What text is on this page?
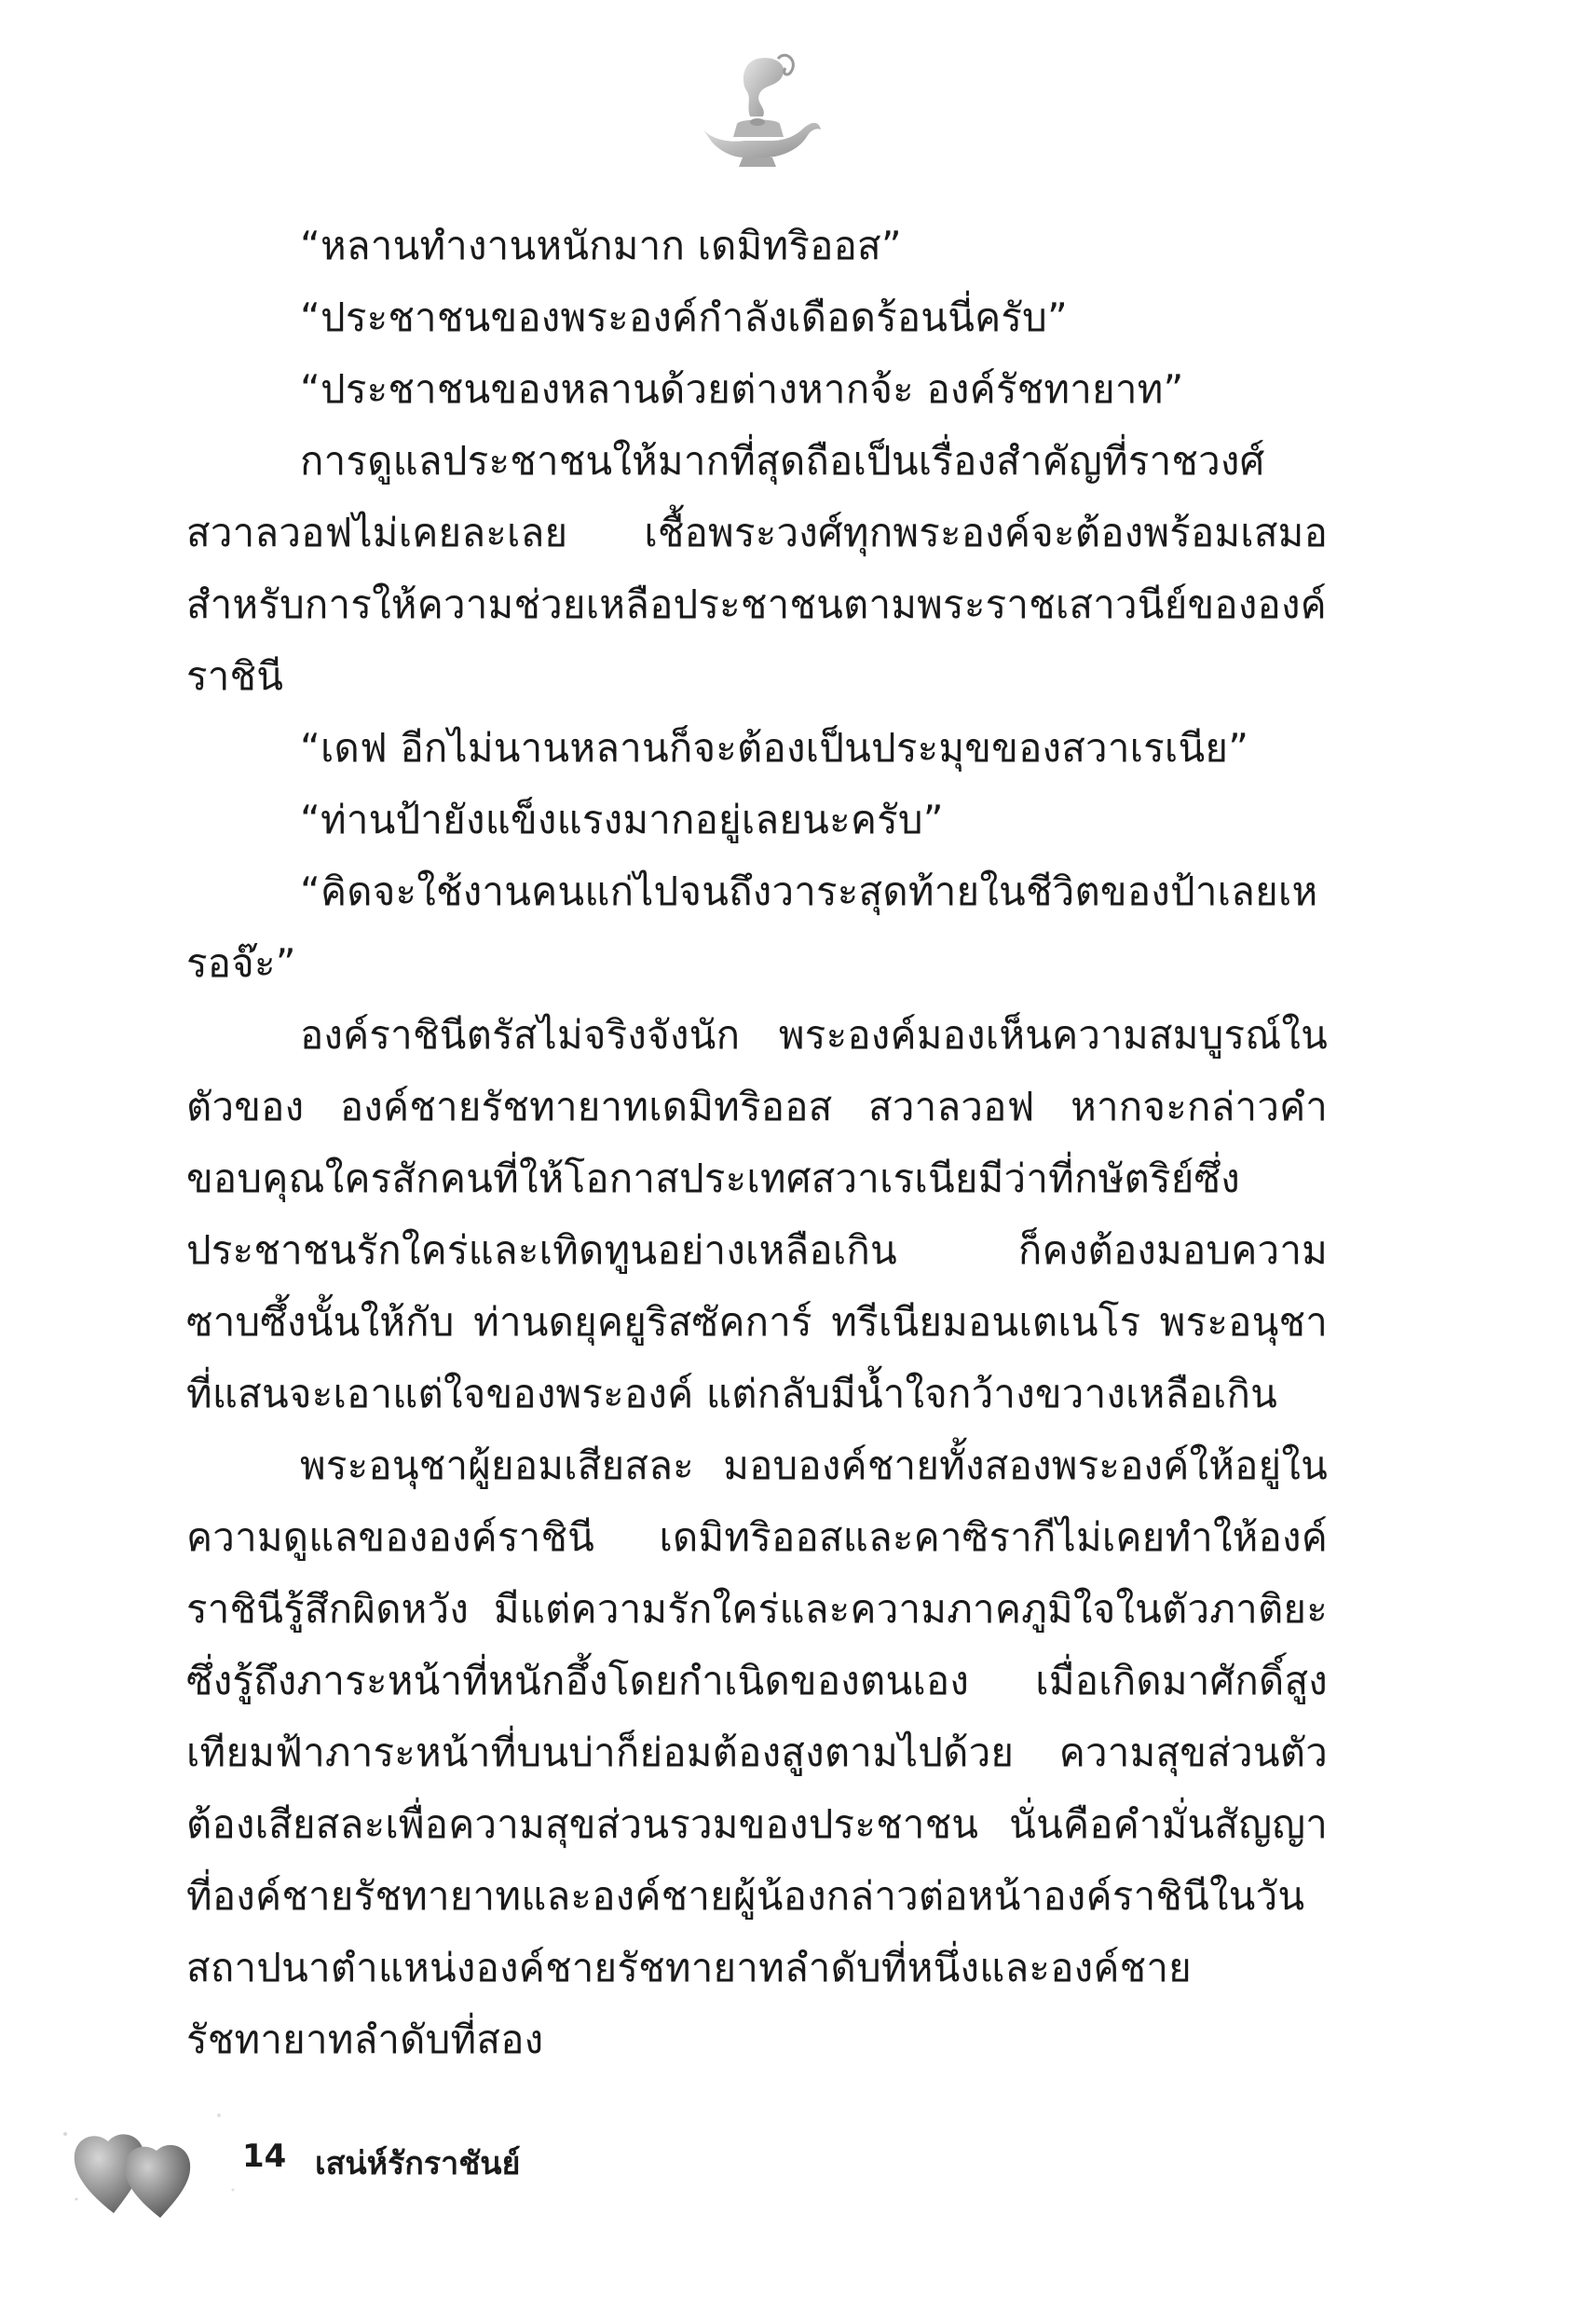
“หลานทำงานหนักมาก เดมิทริออส”

“ประชาชนของพระองค์กำลังเดือดร้อนนี่ครับ”

“ประชาชนของหลานด้วยต่างหากจ้ะ องค์รัชทายาท”

การดูแลประชาชนให้มากที่สุดถือเป็นเรื่องสำคัญที่ราชวงศ์สวาลวอฟไม่เคยละเลย เชื้อพระวงศ์ทุกพระองค์จะต้องพร้อมเสมอสำหรับการให้ความช่วยเหลือประชาชนตามพระราชเสาวนีย์ขององค์ราชินี

“เดฟ อีกไม่นานหลานก็จะต้องเป็นประมุขของสวาเรเนีย”

“ท่านป้ายังแข็งแรงมากอยู่เลยนะครับ”

“คิดจะใช้งานคนแก่ไปจนถึงวาระสุดท้ายในชีวิตของป้าเลยเหรอจ๊ะ”

องค์ราชินีตรัสไม่จริงจังนัก พระองค์มองเห็นความสมบูรณ์ในตัวของ องค์ชายรัชทายาทเดมิทริออส สวาลวอฟ หากจะกล่าวคำขอบคุณใครสักคนที่ให้โอกาสประเทศสวาเรเนียมีว่าที่กษัตริย์ซึ่งประชาชนรักใคร่และเทิดทูนอย่างเหลือเกิน ก็คงต้องมอบความซาบซึ้งนั้นให้กับ ท่านดยุคยูริสซัคการ์ ทรีเนียมอนเตเนโร พระอนุชาที่แสนจะเอาแต่ใจของพระองค์ แต่กลับมีน้ำใจกว้างขวางเหลือเกิน

พระอนุชาผู้ยอมเสียสละ มอบองค์ชายทั้งสองพระองค์ให้อยู่ในความดูแลขององค์ราชินี เดมิทริออสและคาซิรากีไม่เคยทำให้องค์ราชินีรู้สึกผิดหวัง มีแต่ความรักใคร่และความภาคภูมิใจในตัวภาติยะ ซึ่งรู้ถึงภาระหน้าที่หนักอึ้งโดยกำเนิดของตนเอง เมื่อเกิดมาศักดิ์สูงเทียมฟ้าภาระหน้าที่บนบ่าก็ย่อมต้องสูงตามไปด้วย ความสุขส่วนตัวต้องเสียสละเพื่อความสุขส่วนรวมของประชาชน นั่นคือคำมั่นสัญญาที่องค์ชายรัชทายาทและองค์ชายผู้น้องกล่าวต่อหน้าองค์ราชินีในวันสถาปนาตำแหน่งองค์ชายรัชทายาทลำดับที่หนึ่งและองค์ชายรัชทายาทลำดับที่สอง

14 เสน่ห์รักราชันย์
